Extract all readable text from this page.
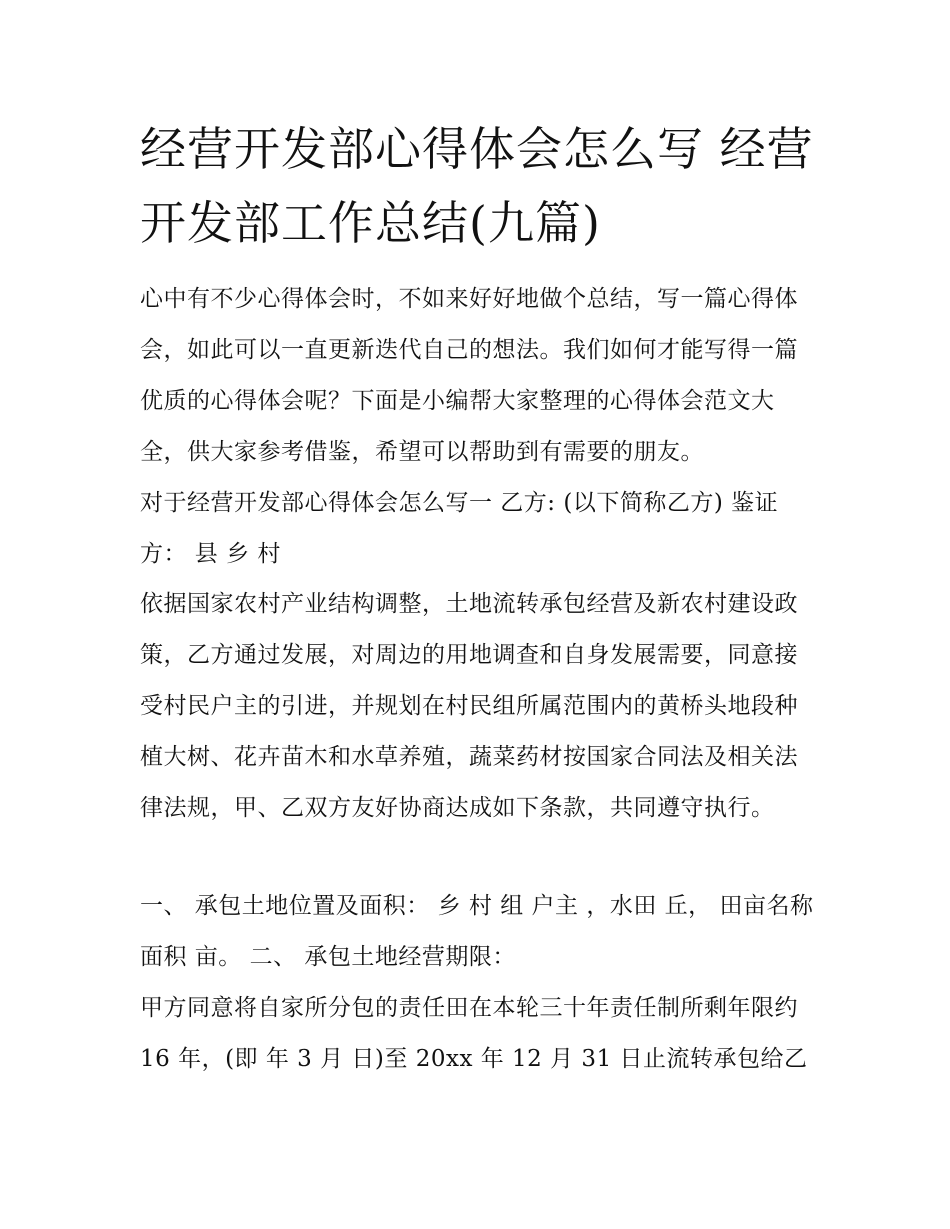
经营开发部心得体会怎么写 经营开发部工作总结(九篇)

心中有不少心得体会时，不如来好好地做个总结，写一篇心得体会，如此可以一直更新迭代自己的想法。我们如何才能写得一篇优质的心得体会呢？下面是小编帮大家整理的心得体会范文大全，供大家参考借鉴，希望可以帮助到有需要的朋友。

对于经营开发部心得体会怎么写一 乙方: (以下简称乙方) 鉴证方： 县 乡 村

依据国家农村产业结构调整，土地流转承包经营及新农村建设政策，乙方通过发展，对周边的用地调查和自身发展需要，同意接受村民户主的引进，并规划在村民组所属范围内的黄桥头地段种植大树、花卉苗木和水草养殖，蔬菜药材按国家合同法及相关法律法规，甲、乙双方友好协商达成如下条款，共同遵守执行。

一、 承包土地位置及面积： 乡 村 组 户主 ，水田 丘， 田亩名称 面积 亩。 二、 承包土地经营期限：

甲方同意将自家所分包的责任田在本轮三十年责任制所剩年限约 16 年，(即 年 3 月 日)至 20xx 年 12 月 31 日止流转承包给乙
